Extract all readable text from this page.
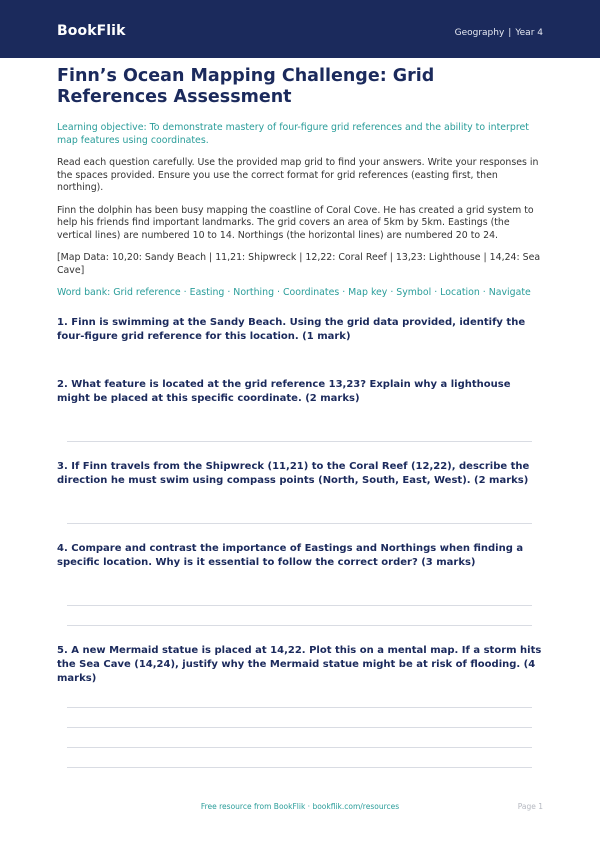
BookFlik	Geography | Year 4
Finn’s Ocean Mapping Challenge: Grid References Assessment

Learning objective: To demonstrate mastery of four-figure grid references and the ability to interpret map features using coordinates.

Read each question carefully. Use the provided map grid to find your answers. Write your responses in the spaces provided. Ensure you use the correct format for grid references (easting first, then northing).

Finn the dolphin has been busy mapping the coastline of Coral Cove. He has created a grid system to help his friends find important landmarks. The grid covers an area of 5km by 5km. Eastings (the vertical lines) are numbered 10 to 14. Northings (the horizontal lines) are numbered 20 to 24.

[Map Data: 10,20: Sandy Beach | 11,21: Shipwreck | 12,22: Coral Reef | 13,23: Lighthouse | 14,24: Sea Cave]

Word bank: Grid reference · Easting · Northing · Coordinates · Map key · Symbol · Location · Navigate

1. Finn is swimming at the Sandy Beach. Using the grid data provided, identify the four-figure grid reference for this location. (1 mark)
2. What feature is located at the grid reference 13,23? Explain why a lighthouse might be placed at this specific coordinate. (2 marks)
3. If Finn travels from the Shipwreck (11,21) to the Coral Reef (12,22), describe the direction he must swim using compass points (North, South, East, West). (2 marks)
4. Compare and contrast the importance of Eastings and Northings when finding a specific location. Why is it essential to follow the correct order? (3 marks)
5. A new Mermaid statue is placed at 14,22. Plot this on a mental map. If a storm hits the Sea Cave (14,24), justify why the Mermaid statue might be at risk of flooding. (4 marks)
Free resource from BookFlik · bookflik.com/resources	Page 1
